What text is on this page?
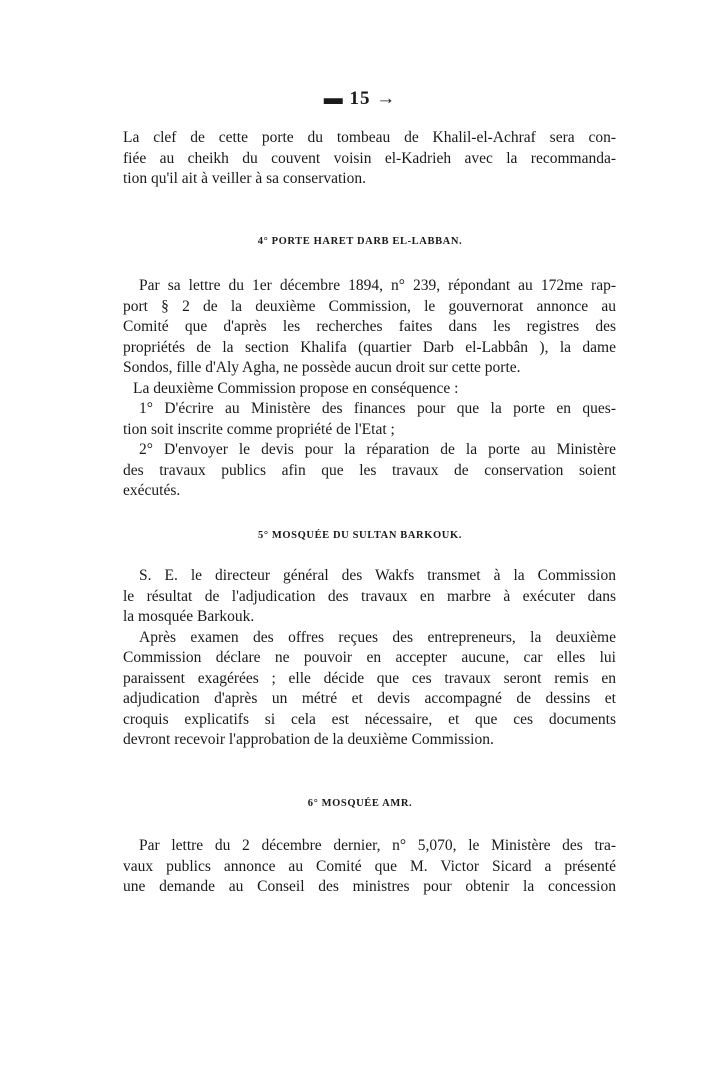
▬ 15 →
La clef de cette porte du tombeau de Khalil-el-Achraf sera con-
fiée au cheikh du couvent voisin el-Kadrieh avec la recommanda-
tion qu'il ait à veiller à sa conservation.
4° PORTE HARET DARB EL-LABBAN.
Par sa lettre du 1er décembre 1894, n° 239, répondant au 172me rap-
port § 2 de la deuxième Commission, le gouvernorat annonce au
Comité que d'après les recherches faites dans les registres des
propriétés de la section Khalifa (quartier Darb el-Labbân ), la dame
Sondos, fille d'Aly Agha, ne possède aucun droit sur cette porte.
La deuxième Commission propose en conséquence :
1° D'écrire au Ministère des finances pour que la porte en ques-
tion soit inscrite comme propriété de l'Etat ;
2° D'envoyer le devis pour la réparation de la porte au Ministère
des travaux publics afin que les travaux de conservation soient
exécutés.
5° MOSQUÉE DU SULTAN BARKOUK.
S. E. le directeur général des Wakfs transmet à la Commission
le résultat de l'adjudication des travaux en marbre à exécuter dans
la mosquée Barkouk.
Après examen des offres reçues des entrepreneurs, la deuxième
Commission déclare ne pouvoir en accepter aucune, car elles lui
paraissent exagérées ; elle décide que ces travaux seront remis en
adjudication d'après un métré et devis accompagné de dessins et
croquis explicatifs si cela est nécessaire, et que ces documents
devront recevoir l'approbation de la deuxième Commission.
6° MOSQUÉE AMR.
Par lettre du 2 décembre dernier, n° 5,070, le Ministère des tra-
vaux publics annonce au Comité que M. Victor Sicard a présenté
une demande au Conseil des ministres pour obtenir la concession
